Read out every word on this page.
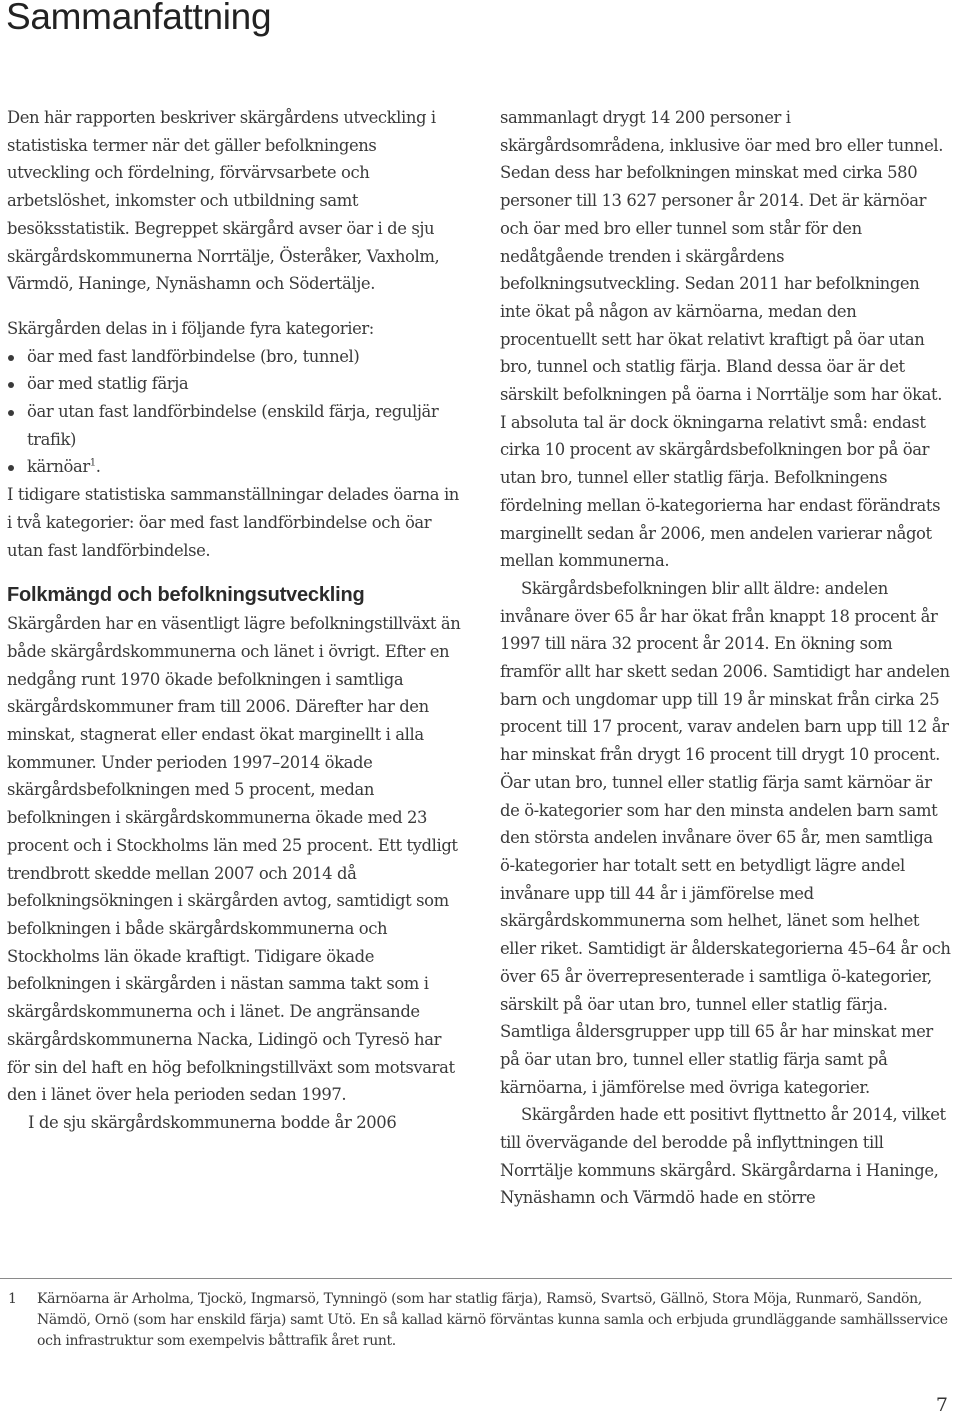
Sammanfattning

Den här rapporten beskriver skärgårdens utveckling i statistiska termer när det gäller befolkningens utveckling och fördelning, förvärvsarbete och arbetslöshet, inkomster och utbildning samt besöksstatistik. Begreppet skärgård avser öar i de sju skärgårdskommunerna Norrtälje, Österåker, Vaxholm, Värmdö, Haninge, Nynäshamn och Södertälje.

Skärgården delas in i följande fyra kategorier:

öar med fast landförbindelse (bro, tunnel)
öar med statlig färja
öar utan fast landförbindelse (enskild färja, reguljär trafik)
kärnöar$^1$.

I tidigare statistiska sammanställningar delades öarna in i två kategorier: öar med fast landförbindelse och öar utan fast landförbindelse.

Folkmängd och befolkningsutveckling

Skärgården har en väsentligt lägre befolkningstillväxt än både skärgårdskommunerna och länet i övrigt. Efter en nedgång runt 1970 ökade befolkningen i samtliga skärgårdskommuner fram till 2006. Därefter har den minskat, stagnerat eller endast ökat marginellt i alla kommuner. Under perioden 1997–2014 ökade skärgårdsbefolkningen med 5 procent, medan befolkningen i skärgårdskommunerna ökade med 23 procent och i Stockholms län med 25 procent. Ett tydligt trendbrott skedde mellan 2007 och 2014 då befolkningsökningen i skärgården avtog, samtidigt som befolkningen i både skärgårdskommunerna och Stockholms län ökade kraftigt. Tidigare ökade befolkningen i skärgården i nästan samma takt som i skärgårdskommunerna och i länet. De angränsande skärgårdskommunerna Nacka, Lidingö och Tyresö har för sin del haft en hög befolkningstillväxt som motsvarat den i länet över hela perioden sedan 1997.

I de sju skärgårdskommunerna bodde år 2006

sammanlagt drygt 14 200 personer i skärgårdsområdena, inklusive öar med bro eller tunnel. Sedan dess har befolkningen minskat med cirka 580 personer till 13 627 personer år 2014. Det är kärnöar och öar med bro eller tunnel som står för den nedåtgående trenden i skärgårdens befolkningsutveckling. Sedan 2011 har befolkningen inte ökat på någon av kärnöarna, medan den procentuellt sett har ökat relativt kraftigt på öar utan bro, tunnel och statlig färja. Bland dessa öar är det särskilt befolkningen på öarna i Norrtälje som har ökat. I absoluta tal är dock ökningarna relativt små: endast cirka 10 procent av skärgårdsbefolkningen bor på öar utan bro, tunnel eller statlig färja. Befolkningens fördelning mellan ö-kategorierna har endast förändrats marginellt sedan år 2006, men andelen varierar något mellan kommunerna.

Skärgårdsbefolkningen blir allt äldre: andelen invånare över 65 år har ökat från knappt 18 procent år 1997 till nära 32 procent år 2014. En ökning som framför allt har skett sedan 2006. Samtidigt har andelen barn och ungdomar upp till 19 år minskat från cirka 25 procent till 17 procent, varav andelen barn upp till 12 år har minskat från drygt 16 procent till drygt 10 procent. Öar utan bro, tunnel eller statlig färja samt kärnöar är de ö-kategorier som har den minsta andelen barn samt den största andelen invånare över 65 år, men samtliga ö-kategorier har totalt sett en betydligt lägre andel invånare upp till 44 år i jämförelse med skärgårdskommunerna som helhet, länet som helhet eller riket. Samtidigt är ålderskategorierna 45–64 år och över 65 år överrepresenterade i samtliga ö-kategorier, särskilt på öar utan bro, tunnel eller statlig färja. Samtliga åldersgrupper upp till 65 år har minskat mer på öar utan bro, tunnel eller statlig färja samt på kärnöarna, i jämförelse med övriga kategorier.

Skärgården hade ett positivt flyttnetto år 2014, vilket till övervägande del berodde på inflyttningen till Norrtälje kommuns skärgård. Skärgårdarna i Haninge, Nynäshamn och Värmdö hade en större

1 Kärnöarna är Arholma, Tjockö, Ingmarsö, Tynningö (som har statlig färja), Ramsö, Svartsö, Gällnö, Stora Möja, Runmarö, Sandön, Nämdö, Ornö (som har enskild färja) samt Utö. En så kallad kärnö förväntas kunna samla och erbjuda grundläggande samhällsservice och infrastruktur som exempelvis båttrafik året runt.
7
